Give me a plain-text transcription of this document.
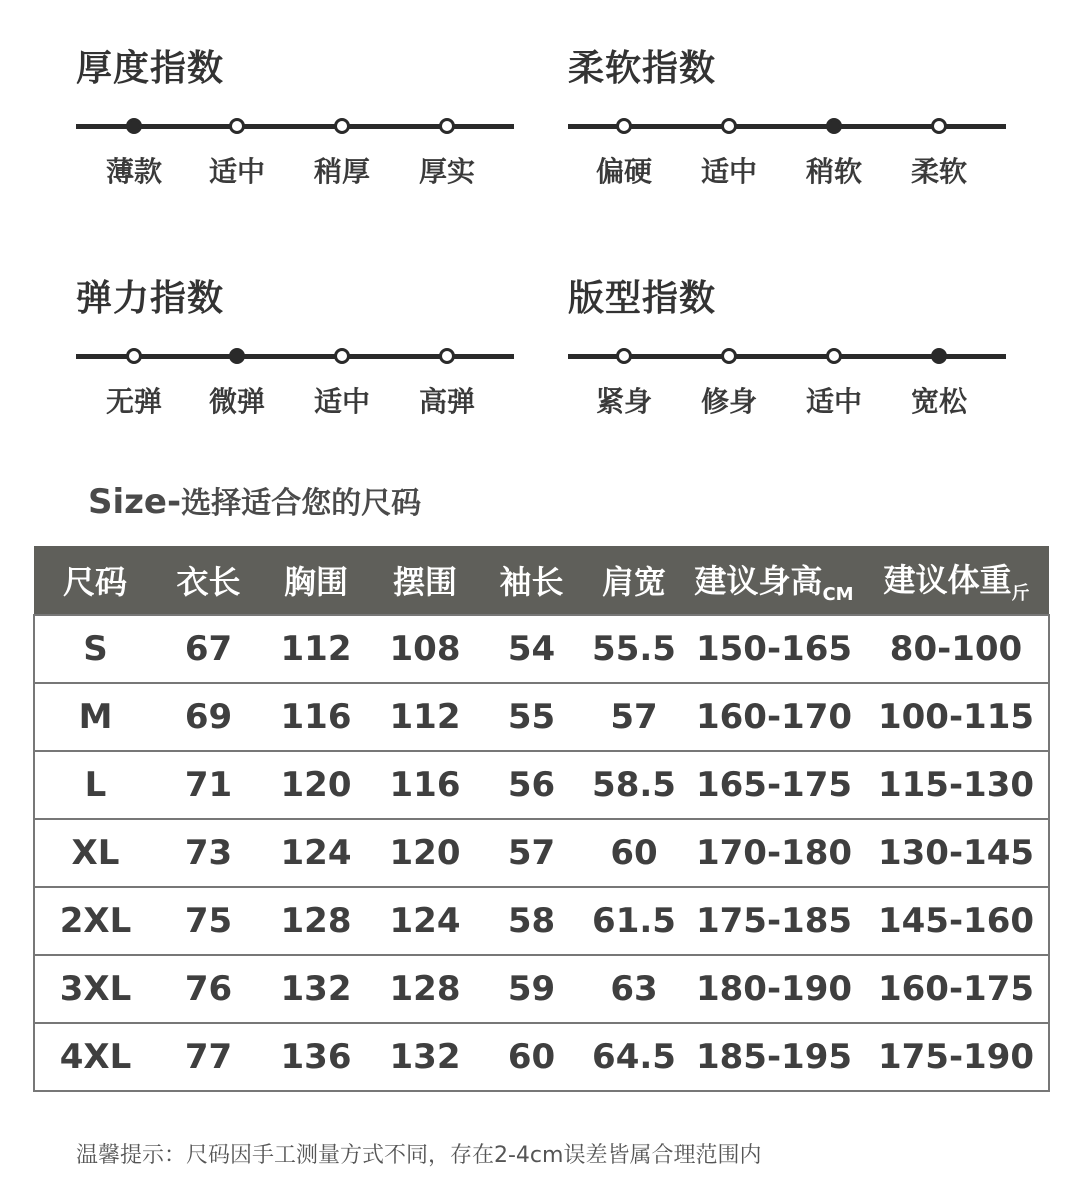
厚度指数
薄款	适中	稍厚	厚实
柔软指数
偏硬	适中	稍软	柔软
弹力指数
无弹	微弹	适中	高弹
版型指数
紧身	修身	适中	宽松
Size-选择适合您的尺码
尺码	衣长	胸围	摆围	袖长	肩宽	建议身高$_{CM}$	建议体重$_斤$
S	67	112	108	54	55.5	150-165	80-100
M	69	116	112	55	57	160-170	100-115
L	71	120	116	56	58.5	165-175	115-130
XL	73	124	120	57	60	170-180	130-145
2XL	75	128	124	58	61.5	175-185	145-160
3XL	76	132	128	59	63	180-190	160-175
4XL	77	136	132	60	64.5	185-195	175-190
温馨提示：尺码因手工测量方式不同，存在2-4cm误差皆属合理范围内
